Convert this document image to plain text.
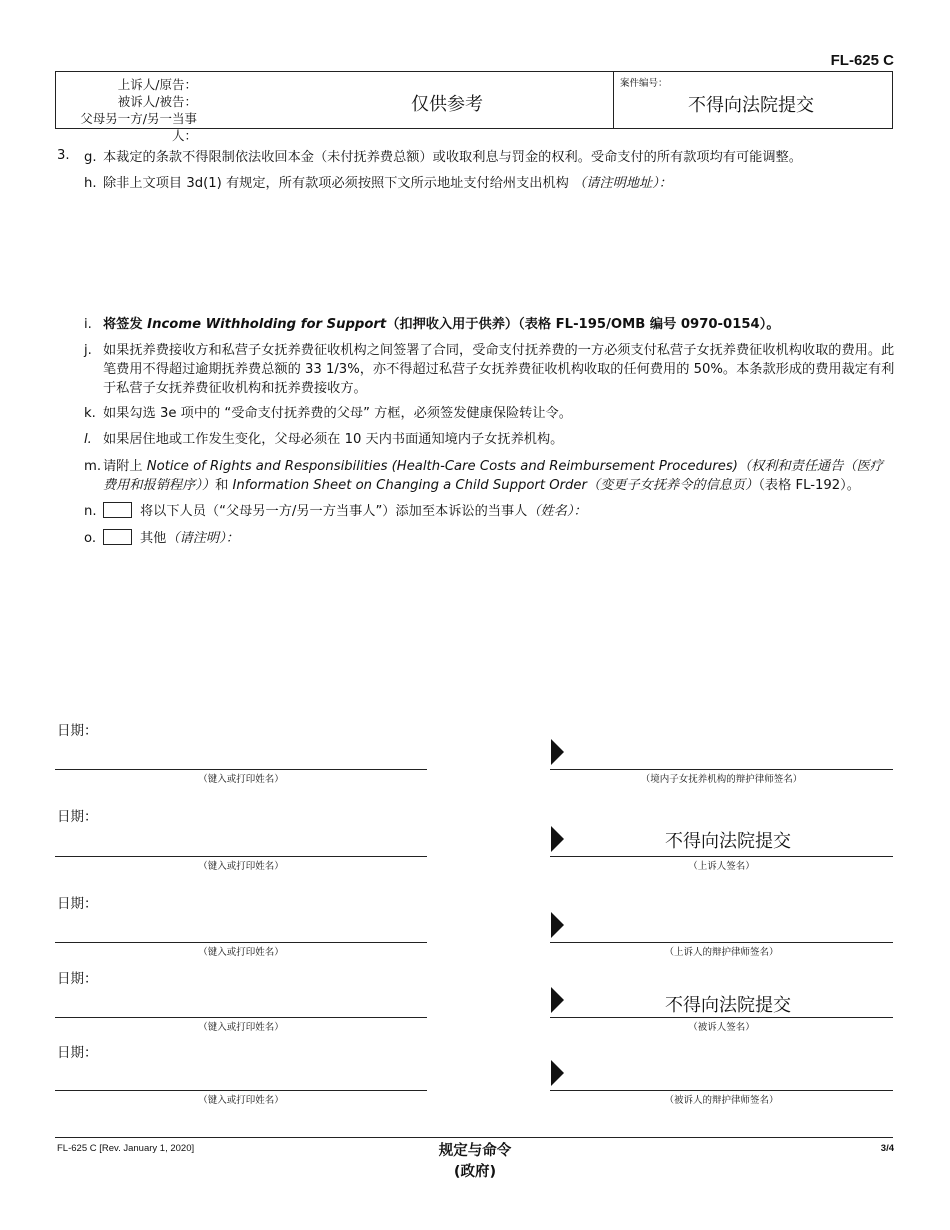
FL-625 C
上诉人/原告：
被诉人/被告：
父母另一方/另一当事人：
仅供参考
案件编号：
不得向法院提交
3. g. 本裁定的条款不得限制依法收回本金（未付抚养费总额）或收取利息与罚金的权利。受命支付的所有款项均有可能调整。
h. 除非上文项目 3d(1) 有规定，所有款项必须按照下文所示地址支付给州支出机构 （请注明地址）：
i. 将签发 Income Withholding for Support（扣押收入用于供养）（表格 FL-195/OMB 编号 0970-0154）。
j. 如果抚养费接收方和私营子女抚养费征收机构之间签署了合同，受命支付抚养费的一方必须支付私营子女抚养费征收机构收取的费用。此笔费用不得超过逾期抚养费总额的 33 1/3%，亦不得超过私营子女抚养费征收机构收取的任何费用的 50%。本条款形成的费用裁定有利于私营子女抚养费征收机构和抚养费接收方。
k. 如果勾选 3e 项中的 “受命支付抚养费的父母” 方框，必须签发健康保险转让令。
l. 如果居住地或工作发生变化，父母必须在 10 天内书面通知境内子女抚养机构。
m. 请附上 Notice of Rights and Responsibilities (Health-Care Costs and Reimbursement Procedures)（权利和责任通告（医疗费用和报销程序））和 Information Sheet on Changing a Child Support Order（变更子女抚养令的信息页）（表格 FL-192）。
n.	将以下人员（“父母另一方/另一方当事人”）添加至本诉讼的当事人（姓名）：
o.	其他（请注明）：
日期：
（键入或打印姓名）	（境内子女抚养机构的辩护律师签名）
日期：
（键入或打印姓名）
不得向法院提交
（上诉人签名）
日期：
（键入或打印姓名）	（上诉人的辩护律师签名）
日期：
（键入或打印姓名）
不得向法院提交
（被诉人签名）
日期：
（键入或打印姓名）	（被诉人的辩护律师签名）
FL-625 C [Rev. January 1, 2020]	规定与命令
(政府)
3/4
